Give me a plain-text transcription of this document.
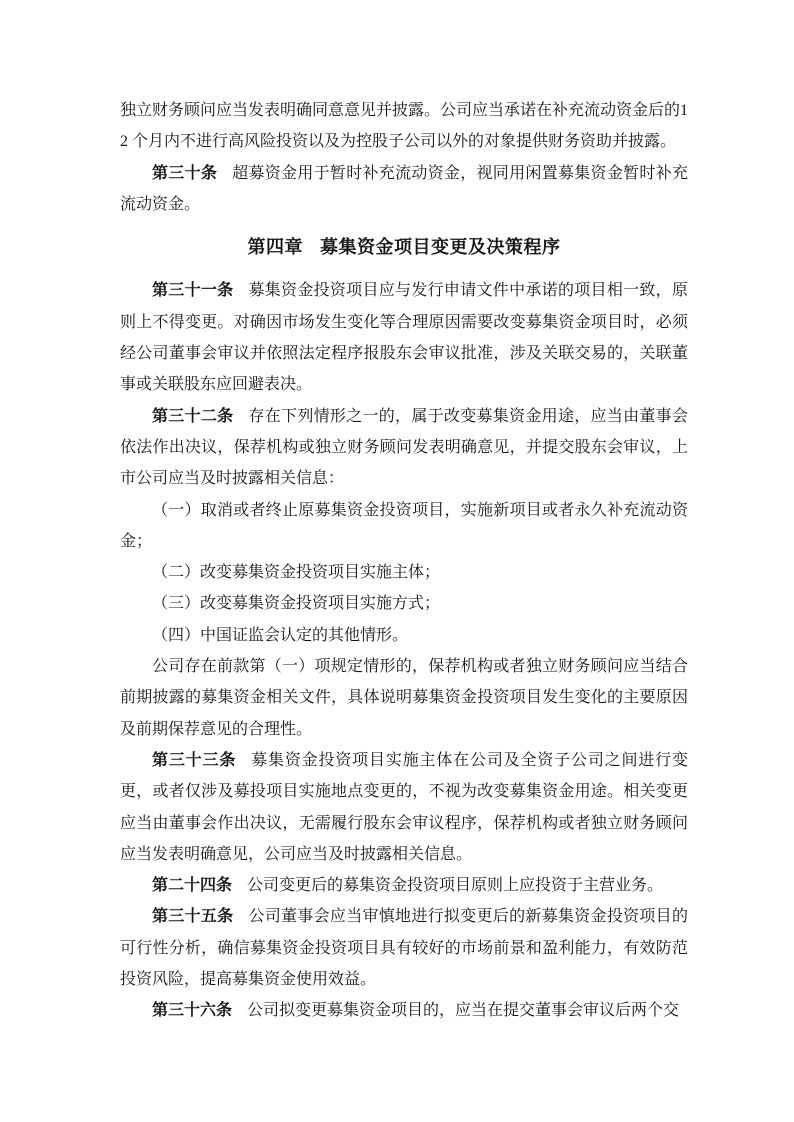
独立财务顾问应当发表明确同意意见并披露。公司应当承诺在补充流动资金后的12 个月内不进行高风险投资以及为控股子公司以外的对象提供财务资助并披露。

第三十条 超募资金用于暂时补充流动资金，视同用闲置募集资金暂时补充流动资金。

第四章 募集资金项目变更及决策程序

第三十一条 募集资金投资项目应与发行申请文件中承诺的项目相一致，原则上不得变更。对确因市场发生变化等合理原因需要改变募集资金项目时，必须经公司董事会审议并依照法定程序报股东会审议批准，涉及关联交易的，关联董事或关联股东应回避表决。

第三十二条 存在下列情形之一的，属于改变募集资金用途，应当由董事会依法作出决议，保荐机构或独立财务顾问发表明确意见，并提交股东会审议，上市公司应当及时披露相关信息：

（一）取消或者终止原募集资金投资项目，实施新项目或者永久补充流动资金；

（二）改变募集资金投资项目实施主体；

（三）改变募集资金投资项目实施方式；

（四）中国证监会认定的其他情形。

公司存在前款第（一）项规定情形的，保荐机构或者独立财务顾问应当结合前期披露的募集资金相关文件，具体说明募集资金投资项目发生变化的主要原因及前期保荐意见的合理性。

第三十三条 募集资金投资项目实施主体在公司及全资子公司之间进行变更，或者仅涉及募投项目实施地点变更的，不视为改变募集资金用途。相关变更应当由董事会作出决议，无需履行股东会审议程序，保荐机构或者独立财务顾问应当发表明确意见，公司应当及时披露相关信息。

第二十四条 公司变更后的募集资金投资项目原则上应投资于主营业务。

第三十五条 公司董事会应当审慎地进行拟变更后的新募集资金投资项目的可行性分析，确信募集资金投资项目具有较好的市场前景和盈利能力，有效防范投资风险，提高募集资金使用效益。

第三十六条 公司拟变更募集资金项目的，应当在提交董事会审议后两个交
